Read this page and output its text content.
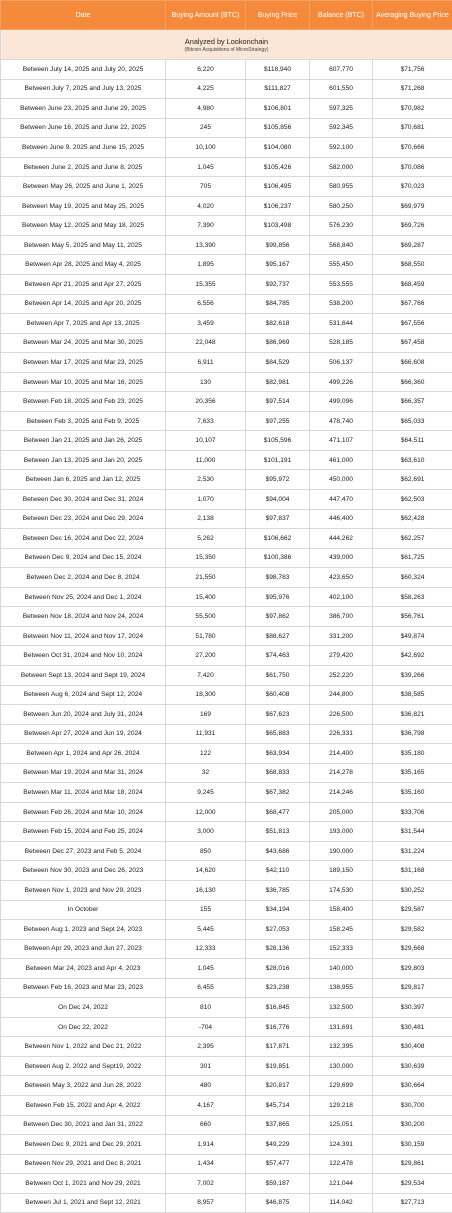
Date	Buying Amount (BTC)	Buying Price	Balance (BTC)	Averaging Buying Price

Analyzed by Lookonchain
(Bitcoin Acquisitions of MicroStrategy)				

Between July 14, 2025 and July 20, 2025	6,220	$118,940	607,770	$71,756
Between July 7, 2025 and July 13, 2025	4,225	$111,827	601,550	$71,268
Between June 23, 2025 and June 29, 2025	4,980	$106,801	597,325	$70,982
Between June 16, 2025 and June 22, 2025	245	$105,856	592,345	$70,681
Between June 9, 2025 and June 15, 2025	10,100	$104,080	592,100	$70,666
Between June 2, 2025 and June 8, 2025	1,045	$105,426	582,000	$70,086
Between May 26, 2025 and June 1, 2025	705	$106,495	580,955	$70,023
Between May 19, 2025 and May 25, 2025	4,020	$106,237	580,250	$69,979
Between May 12, 2025 and May 18, 2025	7,390	$103,498	576,230	$69,726
Between May 5, 2025 and May 11, 2025	13,390	$99,856	568,840	$69,287
Between Apr 28, 2025 and May 4, 2025	1,895	$95,167	555,450	$68,550
Between Apr 21, 2025 and Apr 27, 2025	15,355	$92,737	553,555	$68,459
Between Apr 14, 2025 and Apr 20, 2025	6,556	$84,785	538,200	$67,766
Between Apr 7, 2025 and Apr 13, 2025	3,459	$82,618	531,644	$67,556
Between Mar 24, 2025 and Mar 30, 2025	22,048	$86,969	528,185	$67,458
Between Mar 17, 2025 and Mar 23, 2025	6,911	$84,529	506,137	$66,608
Between Mar 10, 2025 and Mar 16, 2025	130	$82,981	499,226	$66,360
Between Feb 18, 2025 and Feb 23, 2025	20,356	$97,514	499,096	$66,357
Between Feb 3, 2025 and Feb 9, 2025	7,633	$97,255	478,740	$65,033
Between Jan 21, 2025 and Jan 26, 2025	10,107	$105,596	471,107	$64,511
Between Jan 13, 2025 and Jan 20, 2025	11,000	$101,191	461,000	$63,610
Between Jan 6, 2025 and Jan 12, 2025	2,530	$95,972	450,000	$62,691
Between Dec 30, 2024 and Dec 31, 2024	1,070	$94,004	447,470	$62,503
Between Dec 23, 2024 and Dec 29, 2024	2,138	$97,837	446,400	$62,428
Between Dec 16, 2024 and Dec 22, 2024	5,262	$106,662	444,262	$62,257
Between Dec 9, 2024 and Dec 15, 2024	15,350	$100,386	439,000	$61,725
Between Dec 2, 2024 and Dec 8, 2024	21,550	$98,783	423,650	$60,324
Between Nov 25, 2024 and Dec 1, 2024	15,400	$95,976	402,100	$58,263
Between Nov 18, 2024 and Nov 24, 2024	55,500	$97,862	386,700	$56,761
Between Nov 11, 2024 and Nov 17, 2024	51,780	$88,627	331,200	$49,874
Between Oct 31, 2024 and Nov 10, 2024	27,200	$74,463	279,420	$42,692
Between Sept 13, 2024 and Sept 19, 2024	7,420	$61,750	252,220	$39,266
Between Aug 6, 2024 and Sept 12, 2024	18,300	$60,408	244,800	$38,585
Between Jun 20, 2024 and July 31, 2024	169	$67,623	226,500	$36,821
Between Apr 27, 2024 and Jun 19, 2024	11,931	$65,883	226,331	$36,798
Between Apr 1, 2024 and Apr 26, 2024	122	$63,934	214,400	$35,180
Between Mar 19, 2024 and Mar 31, 2024	32	$68,833	214,278	$35,165
Between Mar 11, 2024 and Mar 18, 2024	9,245	$67,382	214,246	$35,160
Between Feb 26, 2024 and Mar 10, 2024	12,000	$68,477	205,000	$33,706
Between Feb 15, 2024 and Feb 25, 2024	3,000	$51,813	193,000	$31,544
Between Dec 27, 2023 and Feb 5, 2024	850	$43,686	190,000	$31,224
Between Nov 30, 2023 and Dec 26, 2023	14,620	$42,110	189,150	$31,168
Between Nov 1, 2023 and Nov 29, 2023	16,130	$36,785	174,530	$30,252
In October	155	$34,194	158,400	$29,587
Between Aug 1, 2023 and Sept 24, 2023	5,445	$27,053	158,245	$29,582
Between Apr 29, 2023 and Jun 27, 2023	12,333	$28,136	152,333	$29,668
Between Mar 24, 2023 and Apr 4, 2023	1,045	$28,016	140,000	$29,803
Between Feb 16, 2023 and Mar 23, 2023	6,455	$23,238	138,955	$29,817
On Dec 24, 2022	810	$16,845	132,500	$30,397
On Dec 22, 2022	-704	$16,776	131,691	$30,481
Between Nov 1, 2022 and Dec 21, 2022	2,395	$17,871	132,395	$30,408
Between Aug 2, 2022 and Sept19, 2022	301	$19,851	130,000	$30,639
Between May 3, 2022 and Jun 28, 2022	480	$20,817	129,699	$30,664
Between Feb 15, 2022 and Apr 4, 2022	4,167	$45,714	129,218	$30,700
Between Dec 30, 2021 and Jan 31, 2022	660	$37,865	125,051	$30,200
Between Dec 9, 2021 and Dec 29, 2021	1,914	$49,229	124,391	$30,159
Between Nov 29, 2021 and Dec 8, 2021	1,434	$57,477	122,478	$29,861
Between Oct 1, 2021 and Nov 29, 2021	7,002	$59,187	121,044	$29,534
Between Jul 1, 2021 and Sept 12, 2021	8,957	$46,875	114,042	$27,713
